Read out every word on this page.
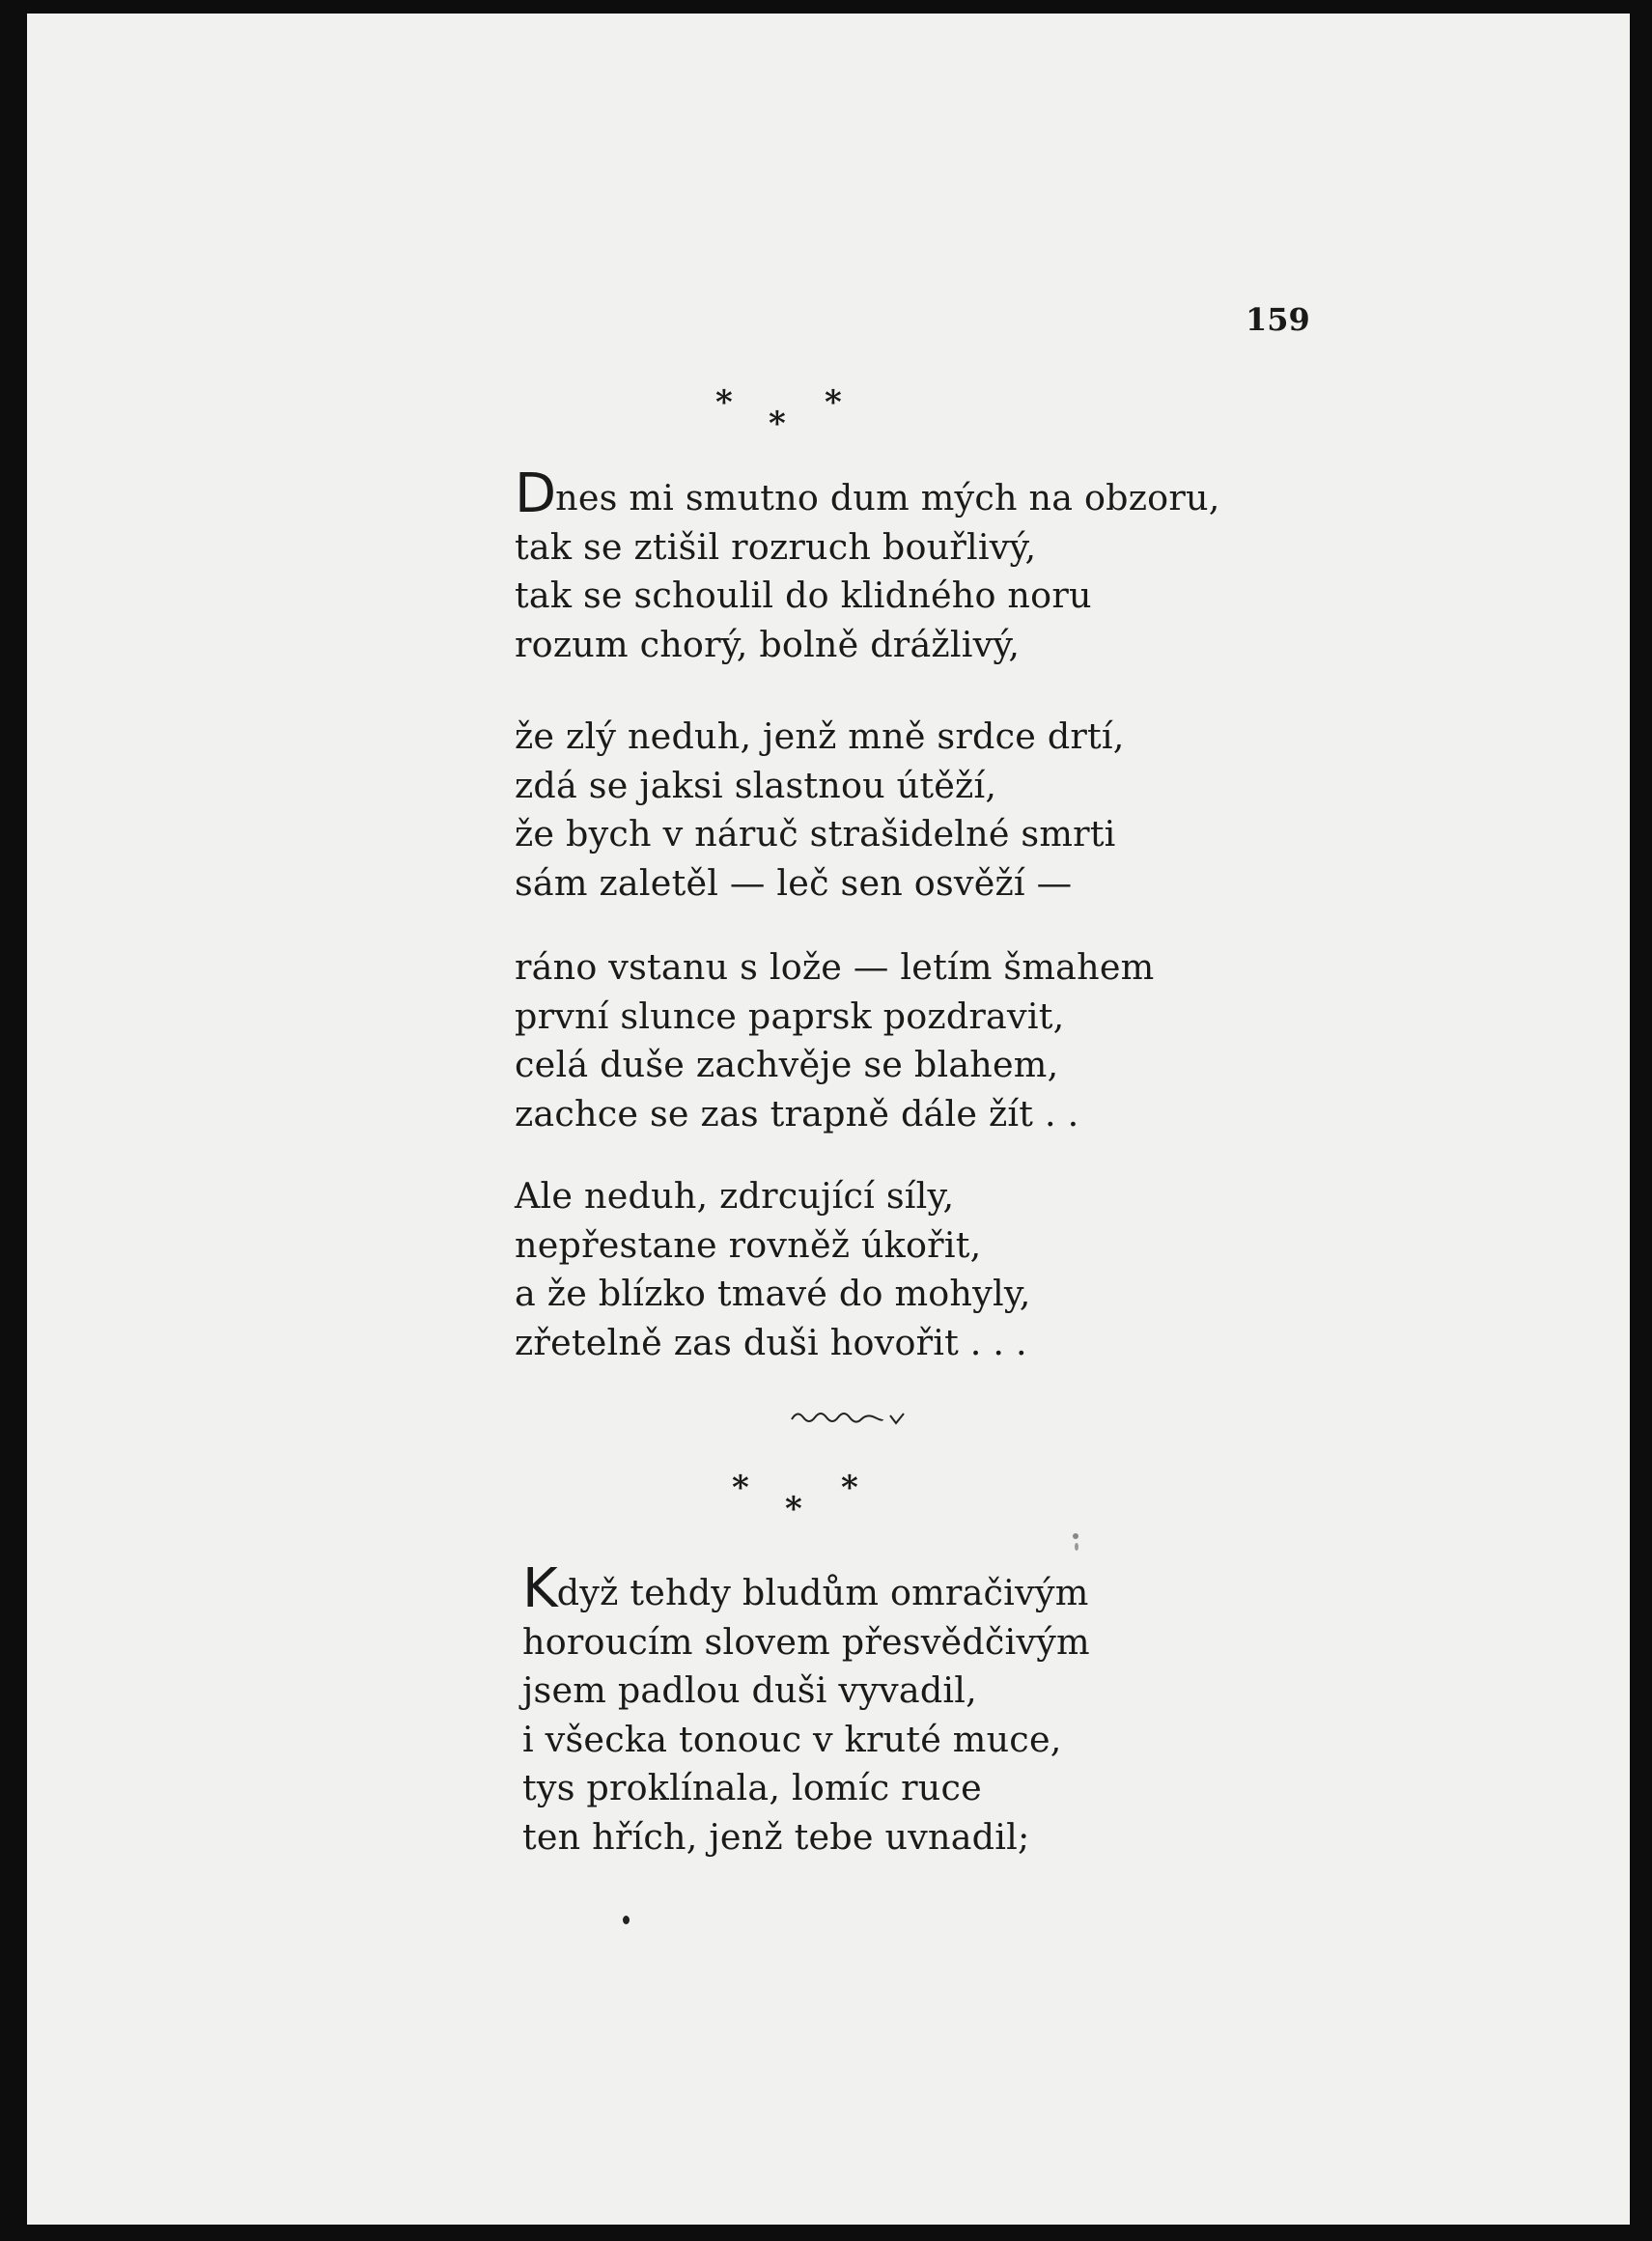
159
*
*
*
Dnes mi smutno dum mých na obzoru,
tak se ztišil rozruch bouřlivý,
tak se schoulil do klidného noru
rozum chorý, bolně drážlivý,
že zlý neduh, jenž mně srdce drtí,
zdá se jaksi slastnou útěží,
že bych v náruč strašidelné smrti
sám zaletěl — leč sen osvěží —
ráno vstanu s lože — letím šmahem
první slunce paprsk pozdravit,
celá duše zachvěje se blahem,
zachce se zas trapně dále žít . .
Ale neduh, zdrcující síly,
nepřestane rovněž úkořit,
a že blízko tmavé do mohyly,
zřetelně zas duši hovořit . . .
*
*
*
Když tehdy bludům omračivým
horoucím slovem přesvědčivým
jsem padlou duši vyvadil,
i všecka tonouc v kruté muce,
tys proklínala, lomíc ruce
ten hřích, jenž tebe uvnadil;
